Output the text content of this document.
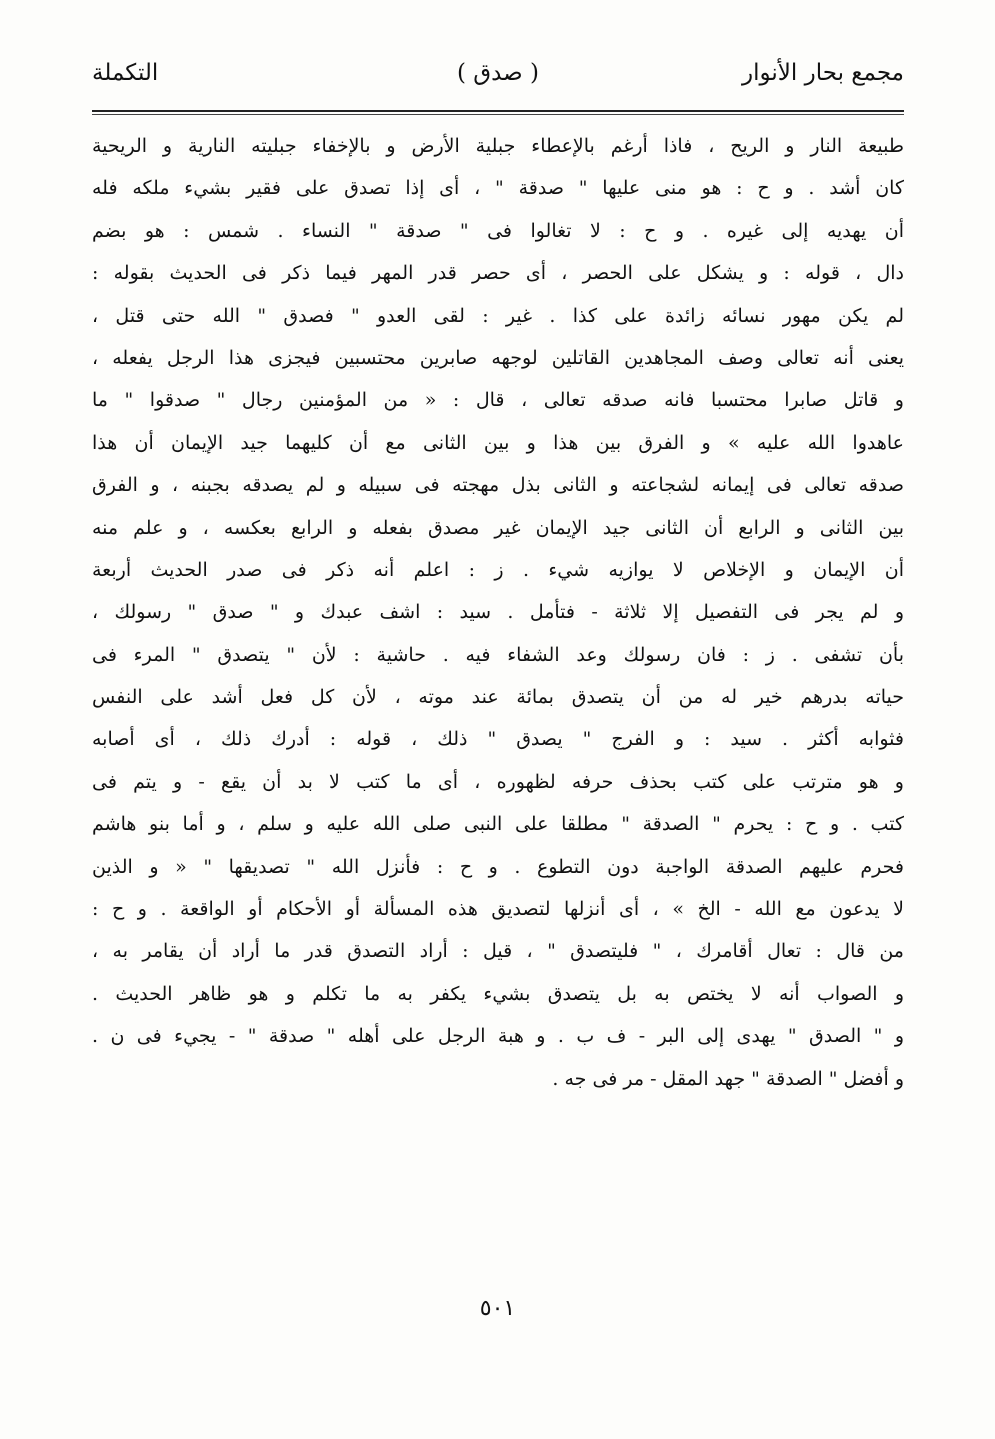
مجمع بحار الأنوار
( صدق )
التكملة
طبيعة النار و الريح ، فاذا أرغم بالإعطاء جبلية الأرض و بالإخفاء جبليته النارية و الريحية
كان أشد . و ح : هو منى عليها " صدقة " ، أى إذا تصدق على فقير بشيء ملكه فله
أن يهديه إلى غيره . و ح : لا تغالوا فى " صدقة " النساء . شمس : هو بضم
دال ، قوله : و يشكل على الحصر ، أى حصر قدر المهر فيما ذكر فى الحديث بقوله :
لم يكن مهور نسائه زائدة على كذا . غير : لقى العدو " فصدق " الله حتى قتل ،
يعنى أنه تعالى وصف المجاهدين القاتلين لوجهه صابرين محتسبين فيجزى هذا الرجل يفعله ،
و قاتل صابرا محتسبا فانه صدقه تعالى ، قال : « من المؤمنين رجال " صدقوا " ما
عاهدوا الله عليه » و الفرق بين هذا و بين الثانى مع أن كليهما جيد الإيمان أن هذا
صدقه تعالى فى إيمانه لشجاعته و الثانى بذل مهجته فى سبيله و لم يصدقه بجبنه ، و الفرق
بين الثانى و الرابع أن الثانى جيد الإيمان غير مصدق بفعله و الرابع بعكسه ، و علم منه
أن الإيمان و الإخلاص لا يوازيه شيء . ز : اعلم أنه ذكر فى صدر الحديث أربعة
و لم يجر فى التفصيل إلا ثلاثة - فتأمل . سيد : اشف عبدك و " صدق " رسولك ،
بأن تشفى . ز : فان رسولك وعد الشفاء فيه . حاشية : لأن " يتصدق " المرء فى
حياته بدرهم خير له من أن يتصدق بمائة عند موته ، لأن كل فعل أشد على النفس
فثوابه أكثر . سيد : و الفرج " يصدق " ذلك ، قوله : أدرك ذلك ، أى أصابه
و هو مترتب على كتب بحذف حرفه لظهوره ، أى ما كتب لا بد أن يقع - و يتم فى
كتب . و ح : يحرم " الصدقة " مطلقا على النبى صلى الله عليه و سلم ، و أما بنو هاشم
فحرم عليهم الصدقة الواجبة دون التطوع . و ح : فأنزل الله " تصديقها " « و الذين
لا يدعون مع الله - الخ » ، أى أنزلها لتصديق هذه المسألة أو الأحكام أو الواقعة . و ح :
من قال : تعال أقامرك ، " فليتصدق " ، قيل : أراد التصدق قدر ما أراد أن يقامر به ،
و الصواب أنه لا يختص به بل يتصدق بشيء يكفر به ما تكلم و هو ظاهر الحديث .
و " الصدق " يهدى إلى البر - ف ب . و هبة الرجل على أهله " صدقة " - يجيء فى ن .
و أفضل " الصدقة " جهد المقل - مر فى جه .
٥٠١
